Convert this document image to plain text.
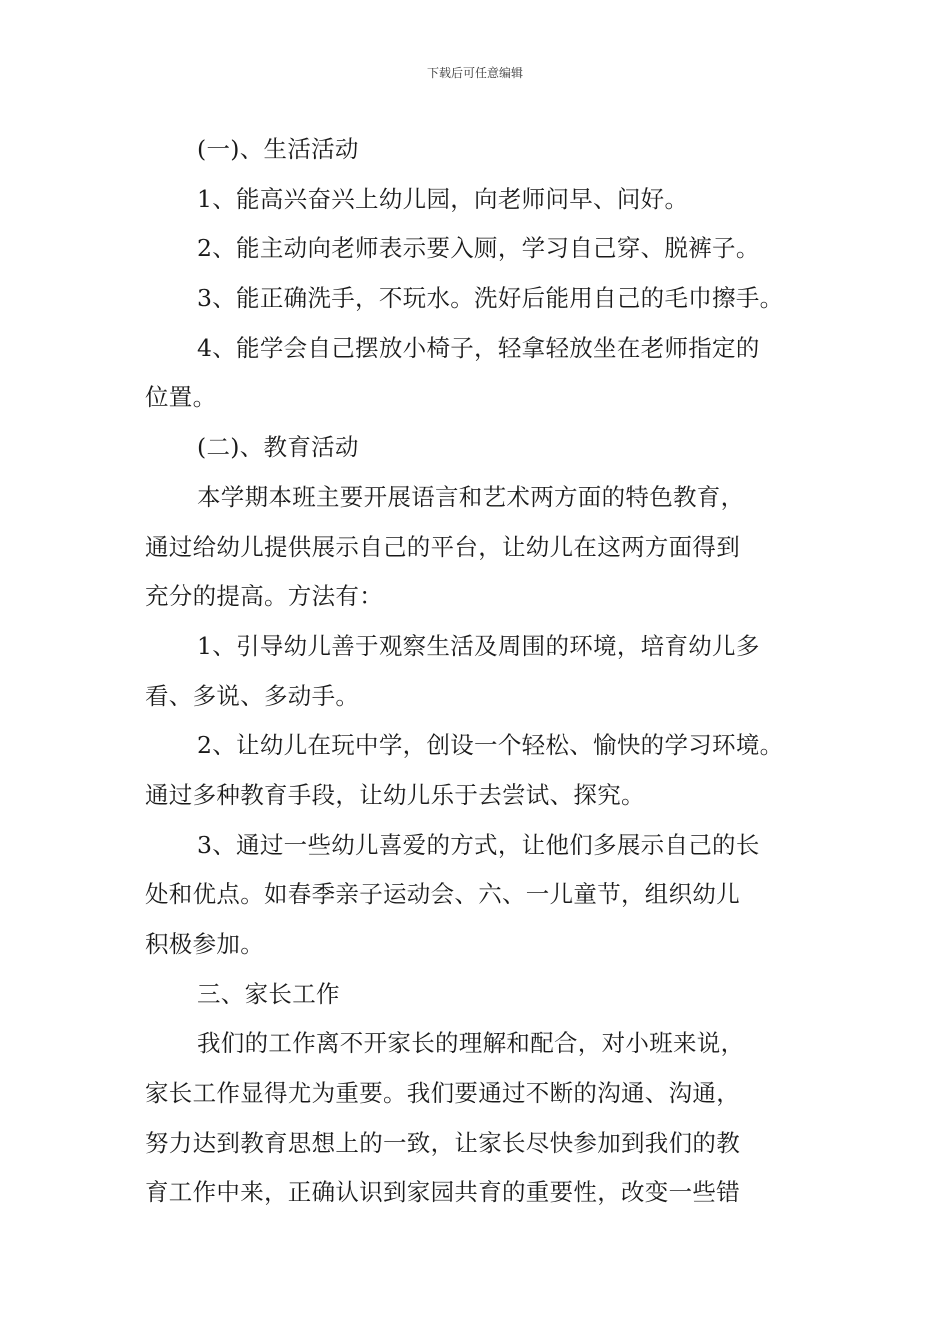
下载后可任意编辑
(一)、生活活动
1、能高兴奋兴上幼儿园，向老师问早、问好。
2、能主动向老师表示要入厕，学习自己穿、脱裤子。
3、能正确洗手，不玩水。洗好后能用自己的毛巾擦手。
4、能学会自己摆放小椅子，轻拿轻放坐在老师指定的
位置。
(二)、教育活动
本学期本班主要开展语言和艺术两方面的特色教育，
通过给幼儿提供展示自己的平台，让幼儿在这两方面得到
充分的提高。方法有：
1、引导幼儿善于观察生活及周围的环境，培育幼儿多
看、多说、多动手。
2、让幼儿在玩中学，创设一个轻松、愉快的学习环境。
通过多种教育手段，让幼儿乐于去尝试、探究。
3、通过一些幼儿喜爱的方式，让他们多展示自己的长
处和优点。如春季亲子运动会、六、一儿童节，组织幼儿
积极参加。
三、家长工作
我们的工作离不开家长的理解和配合，对小班来说，
家长工作显得尤为重要。我们要通过不断的沟通、沟通，
努力达到教育思想上的一致，让家长尽快参加到我们的教
育工作中来，正确认识到家园共育的重要性，改变一些错
